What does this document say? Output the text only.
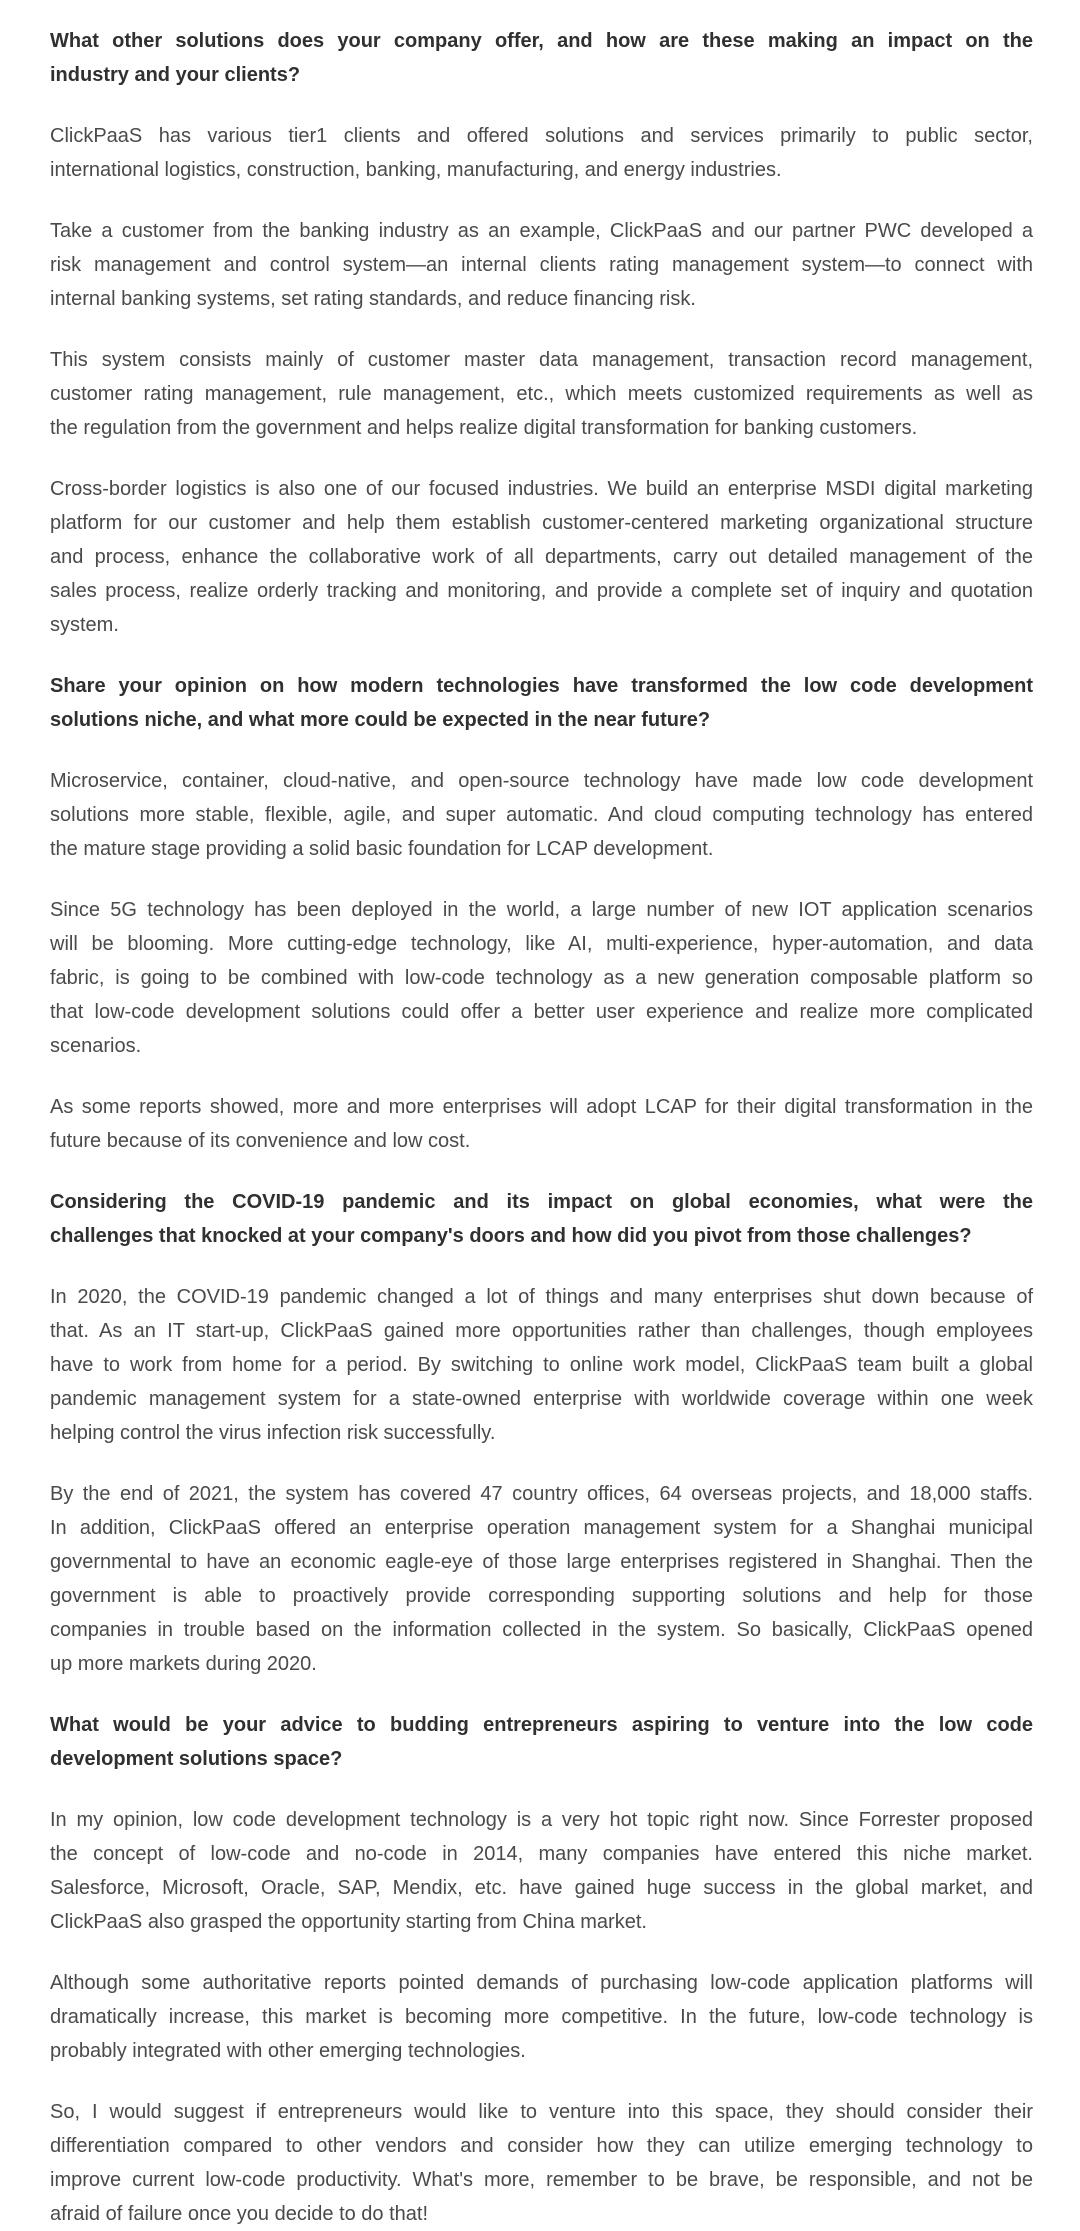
What other solutions does your company offer, and how are these making an impact on the
industry and your clients?
ClickPaaS has various tier1 clients and offered solutions and services primarily to public sector,
international logistics, construction, banking, manufacturing, and energy industries.
Take a customer from the banking industry as an example, ClickPaaS and our partner PWC developed a
risk management and control system—an internal clients rating management system—to connect with
internal banking systems, set rating standards, and reduce financing risk.
This system consists mainly of customer master data management, transaction record management,
customer rating management, rule management, etc., which meets customized requirements as well as
the regulation from the government and helps realize digital transformation for banking customers.
Cross-border logistics is also one of our focused industries. We build an enterprise MSDI digital marketing
platform for our customer and help them establish customer-centered marketing organizational structure
and process, enhance the collaborative work of all departments, carry out detailed management of the
sales process, realize orderly tracking and monitoring, and provide a complete set of inquiry and quotation
system.
Share your opinion on how modern technologies have transformed the low code development
solutions niche, and what more could be expected in the near future?
Microservice, container, cloud-native, and open-source technology have made low code development
solutions more stable, flexible, agile, and super automatic. And cloud computing technology has entered
the mature stage providing a solid basic foundation for LCAP development.
Since 5G technology has been deployed in the world, a large number of new IOT application scenarios
will be blooming. More cutting-edge technology, like AI, multi-experience, hyper-automation, and data
fabric, is going to be combined with low-code technology as a new generation composable platform so
that low-code development solutions could offer a better user experience and realize more complicated
scenarios.
As some reports showed, more and more enterprises will adopt LCAP for their digital transformation in the
future because of its convenience and low cost.
Considering the COVID-19 pandemic and its impact on global economies, what were the
challenges that knocked at your company's doors and how did you pivot from those challenges?
In 2020, the COVID-19 pandemic changed a lot of things and many enterprises shut down because of
that. As an IT start-up, ClickPaaS gained more opportunities rather than challenges, though employees
have to work from home for a period. By switching to online work model, ClickPaaS team built a global
pandemic management system for a state-owned enterprise with worldwide coverage within one week
helping control the virus infection risk successfully.
By the end of 2021, the system has covered 47 country offices, 64 overseas projects, and 18,000 staffs.
In addition, ClickPaaS offered an enterprise operation management system for a Shanghai municipal
governmental to have an economic eagle-eye of those large enterprises registered in Shanghai. Then the
government is able to proactively provide corresponding supporting solutions and help for those
companies in trouble based on the information collected in the system. So basically, ClickPaaS opened
up more markets during 2020.
What would be your advice to budding entrepreneurs aspiring to venture into the low code
development solutions space?
In my opinion, low code development technology is a very hot topic right now. Since Forrester proposed
the concept of low-code and no-code in 2014, many companies have entered this niche market.
Salesforce, Microsoft, Oracle, SAP, Mendix, etc. have gained huge success in the global market, and
ClickPaaS also grasped the opportunity starting from China market.
Although some authoritative reports pointed demands of purchasing low-code application platforms will
dramatically increase, this market is becoming more competitive. In the future, low-code technology is
probably integrated with other emerging technologies.
So, I would suggest if entrepreneurs would like to venture into this space, they should consider their
differentiation compared to other vendors and consider how they can utilize emerging technology to
improve current low-code productivity. What's more, remember to be brave, be responsible, and not be
afraid of failure once you decide to do that!
